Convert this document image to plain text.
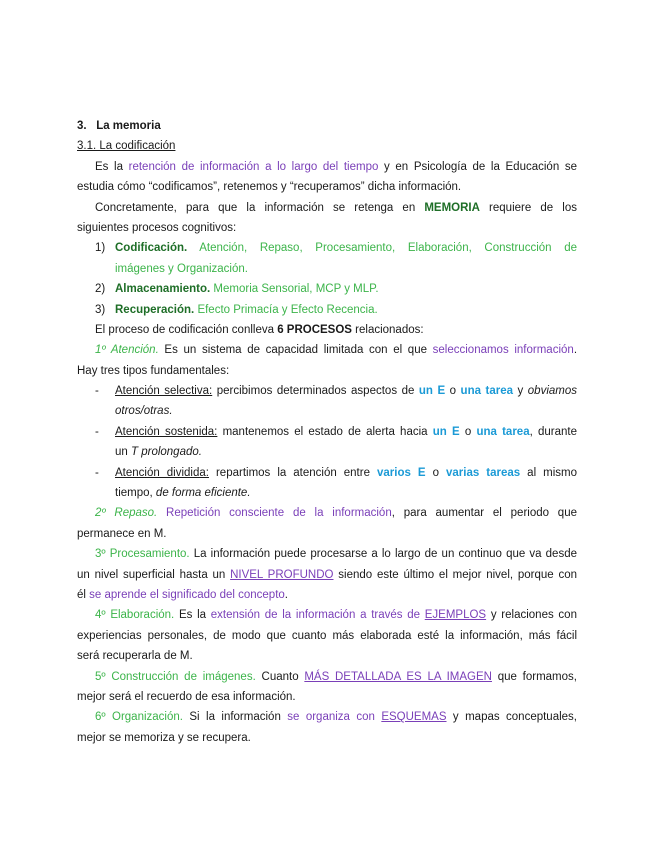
3. La memoria
3.1. La codificación
Es la retención de información a lo largo del tiempo y en Psicología de la Educación se
estudia cómo “codificamos”, retenemos y “recuperamos” dicha información.
Concretamente, para que la información se retenga en MEMORIA requiere de los
siguientes procesos cognitivos:
1) Codificación. Atención, Repaso, Procesamiento, Elaboración, Construcción de
imágenes y Organización.
2) Almacenamiento. Memoria Sensorial, MCP y MLP.
3) Recuperación. Efecto Primacía y Efecto Recencia.
El proceso de codificación conlleva 6 PROCESOS relacionados:
1º Atención. Es un sistema de capacidad limitada con el que seleccionamos información.
Hay tres tipos fundamentales:
-	Atención selectiva: percibimos determinados aspectos de un E o una tarea y obviamos
otros/otras.
-	Atención sostenida: mantenemos el estado de alerta hacia un E o una tarea, durante
un T prolongado.
-	Atención dividida: repartimos la atención entre varios E o varias tareas al mismo
tiempo, de forma eficiente.
2º Repaso. Repetición consciente de la información, para aumentar el periodo que
permanece en M.
3º Procesamiento. La información puede procesarse a lo largo de un continuo que va desde
un nivel superficial hasta un NIVEL PROFUNDO siendo este último el mejor nivel, porque con
él se aprende el significado del concepto.
4º Elaboración. Es la extensión de la información a través de EJEMPLOS y relaciones con
experiencias personales, de modo que cuanto más elaborada esté la información, más fácil
será recuperarla de M.
5º Construcción de imágenes. Cuanto MÁS DETALLADA ES LA IMAGEN que formamos,
mejor será el recuerdo de esa información.
6º Organización. Si la información se organiza con ESQUEMAS y mapas conceptuales,
mejor se memoriza y se recupera.
